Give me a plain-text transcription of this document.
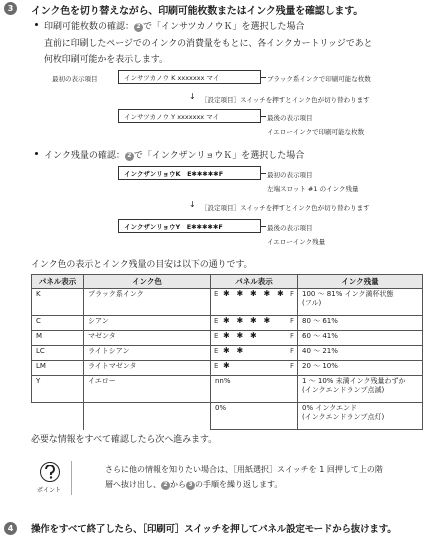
3	インク色を切り替えながら、印刷可能枚数またはインク残量を確認します。
印刷可能枚数の確認： 2 で「インサツカノウＫ」を選択した場合
直前に印刷したページでのインクの消費量をもとに、各インクカートリッジであと
何枚印刷可能かを表示します。
最初の表示項目	インサツカノウ K xxxxxxx マイ	ブラック系インクで印刷可能な枚数
↓ ［設定項目］スイッチを押すとインク色が切り替わります
インサツカノウ Y xxxxxxx マイ	最後の表示項目
イエローインクで印刷可能な枚数
インク残量の確認： 2 で「インクザンリョウＫ」を選択した場合
インクザンリョウK　E✱✱✱✱✱F	最初の表示項目
左端スロット #1 のインク残量
↓ ［設定項目］スイッチを押すとインク色が切り替わります
インクザンリョウY　E✱✱✱✱✱F	最後の表示項目
イエローインク残量
インク色の表示とインク残量の目安は以下の通りです。
パネル表示	インク色	パネル表示	インク残量
K	ブラック系インク	E ✱ ✱ ✱ ✱ ✱ F	100 ～ 81% インク満杯状態
(フル)
C	シアン	E ✱ ✱ ✱ ✱ F	80 ～ 61%
M	マゼンタ	E ✱ ✱ ✱ F	60 ～ 41%
LC	ライトシアン	E ✱ ✱ F	40 ～ 21%
LM	ライトマゼンタ	E ✱ F	20 ～ 10%
Y	イエロー	nn%	1 ～ 10% 未満インク残量わずか
(インクエンドランプ点滅)
		0%	0% インクエンド
(インクエンドランプ点灯)
必要な情報をすべて確認したら次へ進みます。
ポイント
さらに他の情報を知りたい場合は、［用紙選択］スイッチを 1 回押して上の階
層へ抜け出し、 2 から 3 の手順を繰り返します。
4	操作をすべて終了したら、［印刷可］スイッチを押してパネル設定モードから抜けます。
